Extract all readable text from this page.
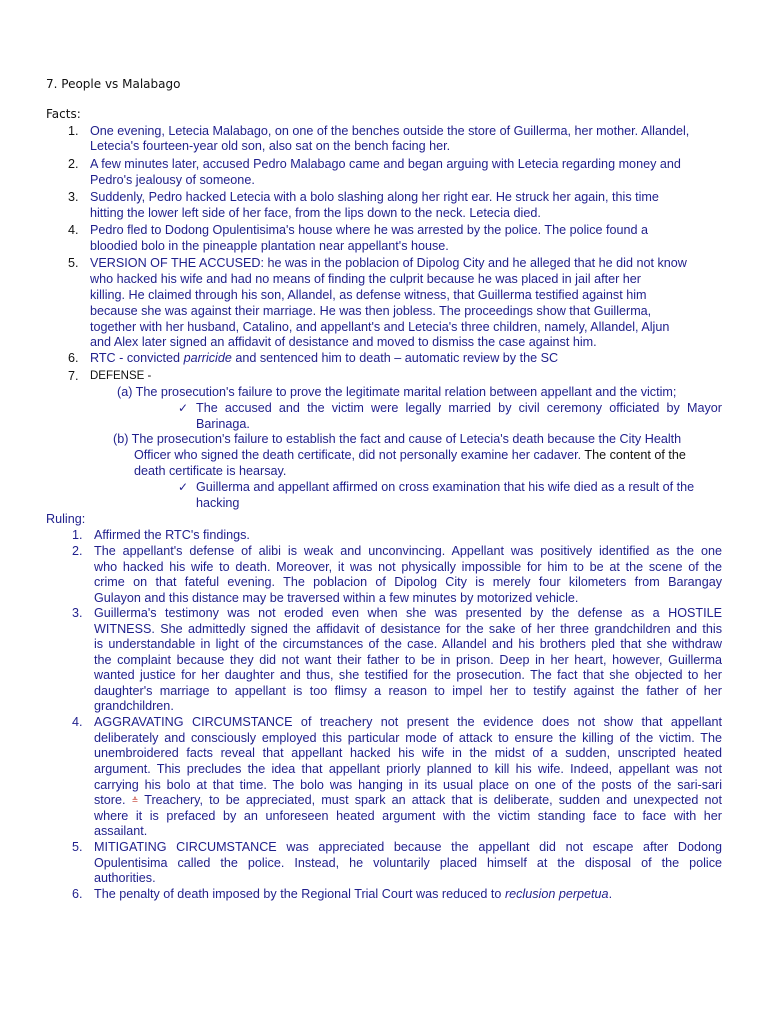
7. People vs Malabago
Facts:
1. One evening, Letecia Malabago, on one of the benches outside the store of Guillerma, her mother. Allandel,
Letecia's fourteen-year old son, also sat on the bench facing her.
2. A few minutes later, accused Pedro Malabago came and began arguing with Letecia regarding money and
Pedro's jealousy of someone.
3. Suddenly, Pedro hacked Letecia with a bolo slashing along her right ear. He struck her again, this time
hitting the lower left side of her face, from the lips down to the neck. Letecia died.
4. Pedro fled to Dodong Opulentisima's house where he was arrested by the police. The police found a
bloodied bolo in the pineapple plantation near appellant's house.
5. VERSION OF THE ACCUSED: he was in the poblacion of Dipolog City and he alleged that he did not know
who hacked his wife and had no means of finding the culprit because he was placed in jail after her
killing. He claimed through his son, Allandel, as defense witness, that Guillerma testified against him
because she was against their marriage. He was then jobless. The proceedings show that Guillerma,
together with her husband, Catalino, and appellant's and Letecia's three children, namely, Allandel, Aljun
and Alex later signed an affidavit of desistance and moved to dismiss the case against him.
6. RTC - convicted parricide and sentenced him to death – automatic review by the SC
7. DEFENSE -
(a) The prosecution's failure to prove the legitimate marital relation between appellant and the victim;
✓ The accused and the victim were legally married by civil ceremony officiated by Mayor
Barinaga.
(b) The prosecution's failure to establish the fact and cause of Letecia's death because the City Health
Officer who signed the death certificate, did not personally examine her cadaver. The content of the
death certificate is hearsay.
✓ Guillerma and appellant affirmed on cross examination that his wife died as a result of the
hacking
Ruling:
1. Affirmed the RTC's findings.
2. The appellant's defense of alibi is weak and unconvincing. Appellant was positively identified as the one
who hacked his wife to death. Moreover, it was not physically impossible for him to be at the scene of the
crime on that fateful evening. The poblacion of Dipolog City is merely four kilometers from Barangay
Gulayon and this distance may be traversed within a few minutes by motorized vehicle.
3. Guillerma's testimony was not eroded even when she was presented by the defense as a HOSTILE
WITNESS. She admittedly signed the affidavit of desistance for the sake of her three grandchildren and this
is understandable in light of the circumstances of the case. Allandel and his brothers pled that she withdraw
the complaint because they did not want their father to be in prison. Deep in her heart, however, Guillerma
wanted justice for her daughter and thus, she testified for the prosecution. The fact that she objected to her
daughter's marriage to appellant is too flimsy a reason to impel her to testify against the father of her
grandchildren.
4. AGGRAVATING CIRCUMSTANCE of treachery not present the evidence does not show that appellant
deliberately and consciously employed this particular mode of attack to ensure the killing of the victim. The
unembroidered facts reveal that appellant hacked his wife in the midst of a sudden, unscripted heated
argument. This precludes the idea that appellant priorly planned to kill his wife. Indeed, appellant was not
carrying his bolo at that time. The bolo was hanging in its usual place on one of the posts of the sari-sari
store. ≙ Treachery, to be appreciated, must spark an attack that is deliberate, sudden and unexpected not
where it is prefaced by an unforeseen heated argument with the victim standing face to face with her
assailant.
5. MITIGATING CIRCUMSTANCE was appreciated because the appellant did not escape after Dodong
Opulentisima called the police. Instead, he voluntarily placed himself at the disposal of the police
authorities.
6. The penalty of death imposed by the Regional Trial Court was reduced to reclusion perpetua.
